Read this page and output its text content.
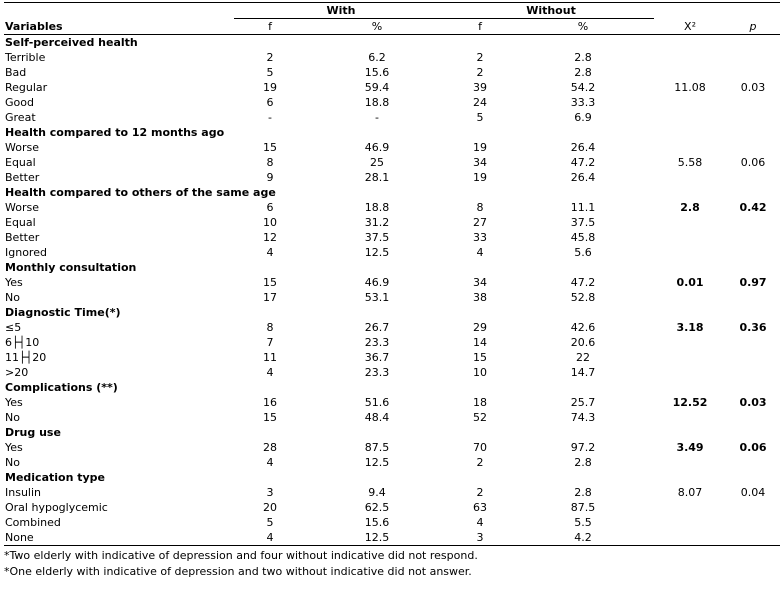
	With		Without			
Variables	f	%	f	%	X²	p
Self-perceived health						
Terrible	2	6.2	2	2.8		
Bad	5	15.6	2	2.8		
Regular	19	59.4	39	54.2	11.08	0.03
Good	6	18.8	24	33.3		
Great	-	-	5	6.9		
Health compared to 12 months ago						
Worse	15	46.9	19	26.4		
Equal	8	25	34	47.2	5.58	0.06
Better	9	28.1	19	26.4		
Health compared to others of the same age						
Worse	6	18.8	8	11.1	2.8	0.42
Equal	10	31.2	27	37.5		
Better	12	37.5	33	45.8		
Ignored	4	12.5	4	5.6		
Monthly consultation						
Yes	15	46.9	34	47.2	0.01	0.97
No	17	53.1	38	52.8		
Diagnostic Time(*)						
≤5	8	26.7	29	42.6	3.18	0.36
6├┤10	7	23.3	14	20.6		
11├┤20	11	36.7	15	22		
>20	4	23.3	10	14.7		
Complications (**)						
Yes	16	51.6	18	25.7	12.52	0.03
No	15	48.4	52	74.3		
Drug use						
Yes	28	87.5	70	97.2	3.49	0.06
No	4	12.5	2	2.8		
Medication type						
Insulin	3	9.4	2	2.8	8.07	0.04
Oral hypoglycemic	20	62.5	63	87.5		
Combined	5	15.6	4	5.5		
None	4	12.5	3	4.2		
*Two elderly with indicative of depression and four without indicative did not respond.
*One elderly with indicative of depression and two without indicative did not answer.
